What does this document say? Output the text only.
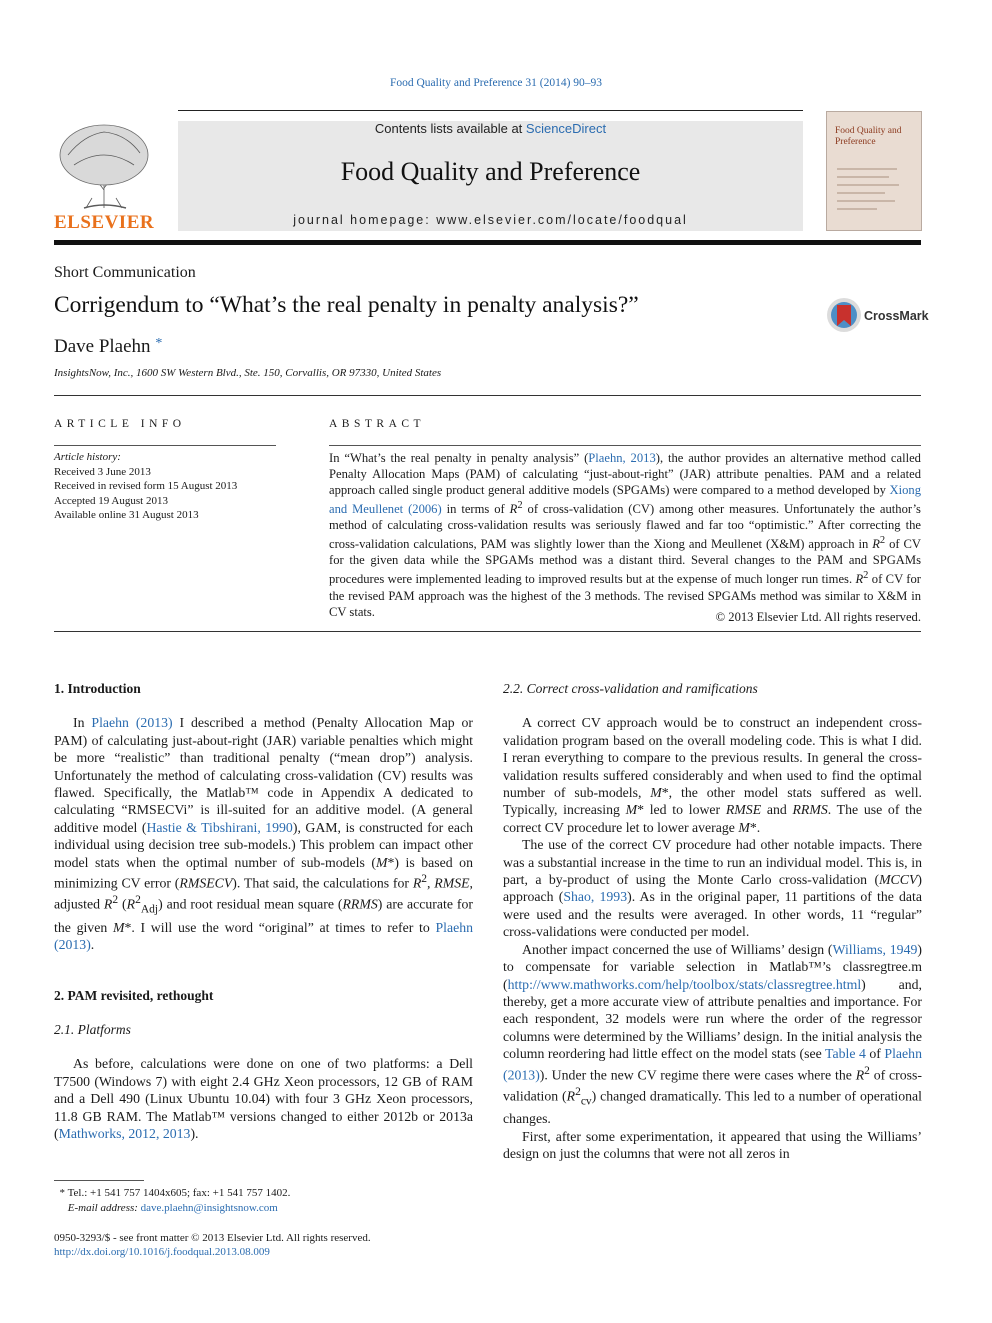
Food Quality and Preference 31 (2014) 90–93
ELSEVIER
Contents lists available at ScienceDirect
Food Quality and Preference
journal homepage: www.elsevier.com/locate/foodqual
Food Quality and Preference
Short Communication
Corrigendum to “What’s the real penalty in penalty analysis?”	CrossMark
Dave Plaehn *
InsightsNow, Inc., 1600 SW Western Blvd., Ste. 150, Corvallis, OR 97330, United States
ARTICLE INFO
Article history:
Received 3 June 2013
Received in revised form 15 August 2013
Accepted 19 August 2013
Available online 31 August 2013
ABSTRACT
In “What’s the real penalty in penalty analysis” (Plaehn, 2013), the author provides an alternative method called Penalty Allocation Maps (PAM) of calculating “just-about-right” (JAR) attribute penalties. PAM and a related approach called single product general additive models (SPGAMs) were compared to a method developed by Xiong and Meullenet (2006) in terms of $R^2$ of cross-validation (CV) among other measures. Unfortunately the author’s method of calculating cross-validation results was seriously flawed and far too “optimistic.” After correcting the cross-validation calculations, PAM was slightly lower than the Xiong and Meullenet (X&M) approach in $R^2$ of CV for the given data while the SPGAMs method was a distant third. Several changes to the PAM and SPGAMs procedures were implemented leading to improved results but at the expense of much longer run times. $R^2$ of CV for the revised PAM approach was the highest of the 3 methods. The revised SPGAMs method was similar to X&M in CV stats.	© 2013 Elsevier Ltd. All rights reserved.
1. Introduction

In Plaehn (2013) I described a method (Penalty Allocation Map or PAM) of calculating just-about-right (JAR) variable penalties which might be more “realistic” than traditional penalty (“mean drop”) analysis. Unfortunately the method of calculating cross-validation (CV) results was flawed. Specifically, the Matlab™ code in Appendix A dedicated to calculating “RMSECVi” is ill-suited for an additive model. (A general additive model (Hastie & Tibshirani, 1990), GAM, is constructed for each individual using decision tree sub-models.) This problem can impact other model stats when the optimal number of sub-models (M*) is based on minimizing CV error (RMSECV). That said, the calculations for $R^2$, RMSE, adjusted $R^2$ $(R^2_{Adj})$ and root residual mean square (RRMS) are accurate for the given M*. I will use the word “original” at times to refer to Plaehn (2013).

2. PAM revisited, rethought
2.1. Platforms

As before, calculations were done on one of two platforms: a Dell T7500 (Windows 7) with eight 2.4 GHz Xeon processors, 12 GB of RAM and a Dell 490 (Linux Ubuntu 10.04) with four 3 GHz Xeon processors, 11.8 GB RAM. The Matlab™ versions changed to either 2012b or 2013a (Mathworks, 2012, 2013).

2.2. Correct cross-validation and ramifications

A correct CV approach would be to construct an independent cross-validation program based on the overall modeling code. This is what I did. I reran everything to compare to the previous results. In general the cross-validation results suffered considerably and when used to find the optimal number of sub-models, M*, the other model stats suffered as well. Typically, increasing M* led to lower RMSE and RRMS. The use of the correct CV procedure let to lower average M*.

The use of the correct CV procedure had other notable impacts. There was a substantial increase in the time to run an individual model. This is, in part, a by-product of using the Monte Carlo cross-validation (MCCV) approach (Shao, 1993). As in the original paper, 11 partitions of the data were used and the results were averaged. In other words, 11 “regular” cross-validations were conducted per model.

Another impact concerned the use of Williams’ design (Williams, 1949) to compensate for variable selection in Matlab™’s classregtree.m (http://www.mathworks.com/help/toolbox/stats/classregtree.html) and, thereby, get a more accurate view of attribute penalties and importance. For each respondent, 32 models were run where the order of the regressor columns were determined by the Williams’ design. In the initial analysis the column reordering had little effect on the model stats (see Table 4 of Plaehn (2013)). Under the new CV regime there were cases where the $R^2$ of cross-validation $(R^2_{cv})$ changed dramatically. This led to a number of operational changes.

First, after some experimentation, it appeared that using the Williams’ design on just the columns that were not all zeros in

* Tel.: +1 541 757 1404x605; fax: +1 541 757 1402.
E-mail address: dave.plaehn@insightsnow.com
0950-3293/$ - see front matter © 2013 Elsevier Ltd. All rights reserved.
http://dx.doi.org/10.1016/j.foodqual.2013.08.009
